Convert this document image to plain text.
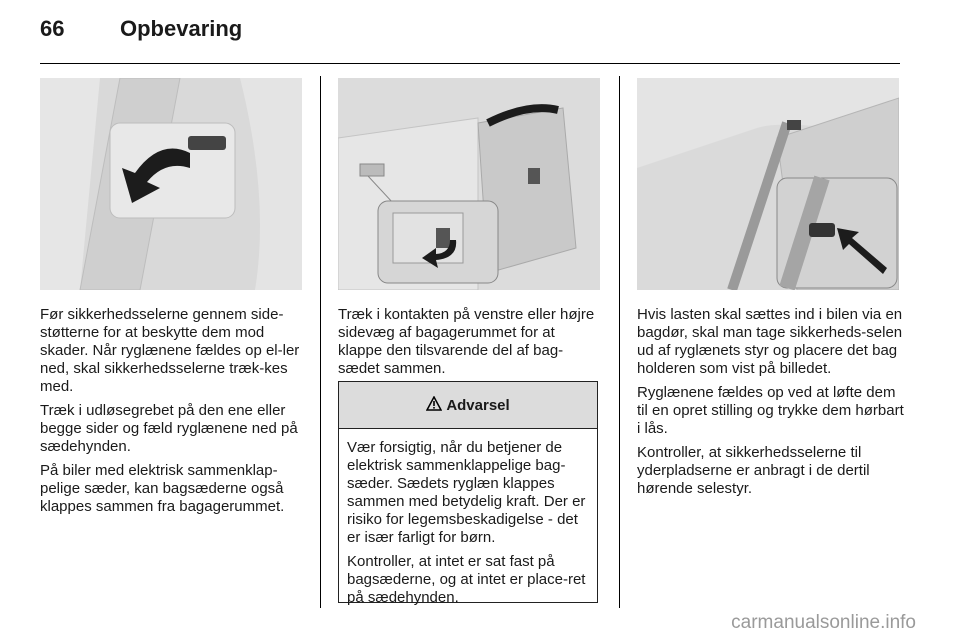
66	Opbevaring

Før sikkerhedsselerne gennem side-støtterne for at beskytte dem mod skader. Når ryglænene fældes op el-ler ned, skal sikkerhedsselerne træk-kes med.

Træk i udløsegrebet på den ene eller begge sider og fæld ryglænene ned på sædehynden.

På biler med elektrisk sammenklap-pelige sæder, kan bagsæderne også klappes sammen fra bagagerummet.

Træk i kontakten på venstre eller højre sidevæg af bagagerummet for at klappe den tilsvarende del af bag-sædet sammen.

Advarsel

Vær forsigtig, når du betjener de elektrisk sammenklappelige bag-sæder. Sædets ryglæn klappes sammen med betydelig kraft. Der er risiko for legemsbeskadigelse - det er især farligt for børn.

Kontroller, at intet er sat fast på bagsæderne, og at intet er place-ret på sædehynden.

Hvis lasten skal sættes ind i bilen via en bagdør, skal man tage sikkerheds-selen ud af ryglænets styr og placere det bag holderen som vist på billedet.

Ryglænene fældes op ved at løfte dem til en opret stilling og trykke dem hørbart i lås.

Kontroller, at sikkerhedsselerne til yderpladserne er anbragt i de dertil hørende selestyr.

carmanualsonline.info
